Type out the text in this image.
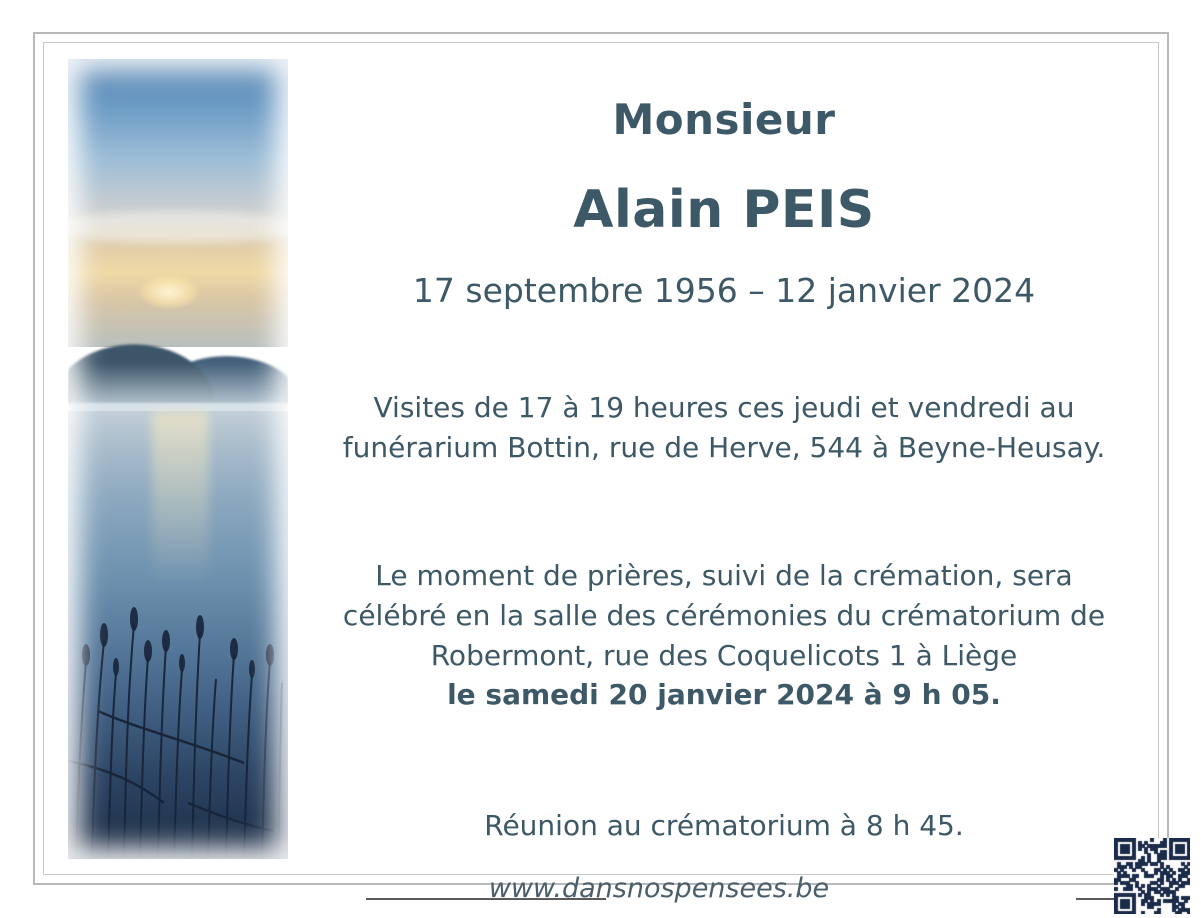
Monsieur
Alain PEIS
17 septembre 1956 – 12 janvier 2024
Visites de 17 à 19 heures ces jeudi et vendredi au funérarium Bottin, rue de Herve, 544 à Beyne-Heusay.
Le moment de prières, suivi de la crémation, sera
célébré en la salle des cérémonies du crématorium de
Robermont, rue des Coquelicots 1 à Liège
le samedi 20 janvier 2024 à 9 h 05.
Réunion au crématorium à 8 h 45.
www.dansnospensees.be
